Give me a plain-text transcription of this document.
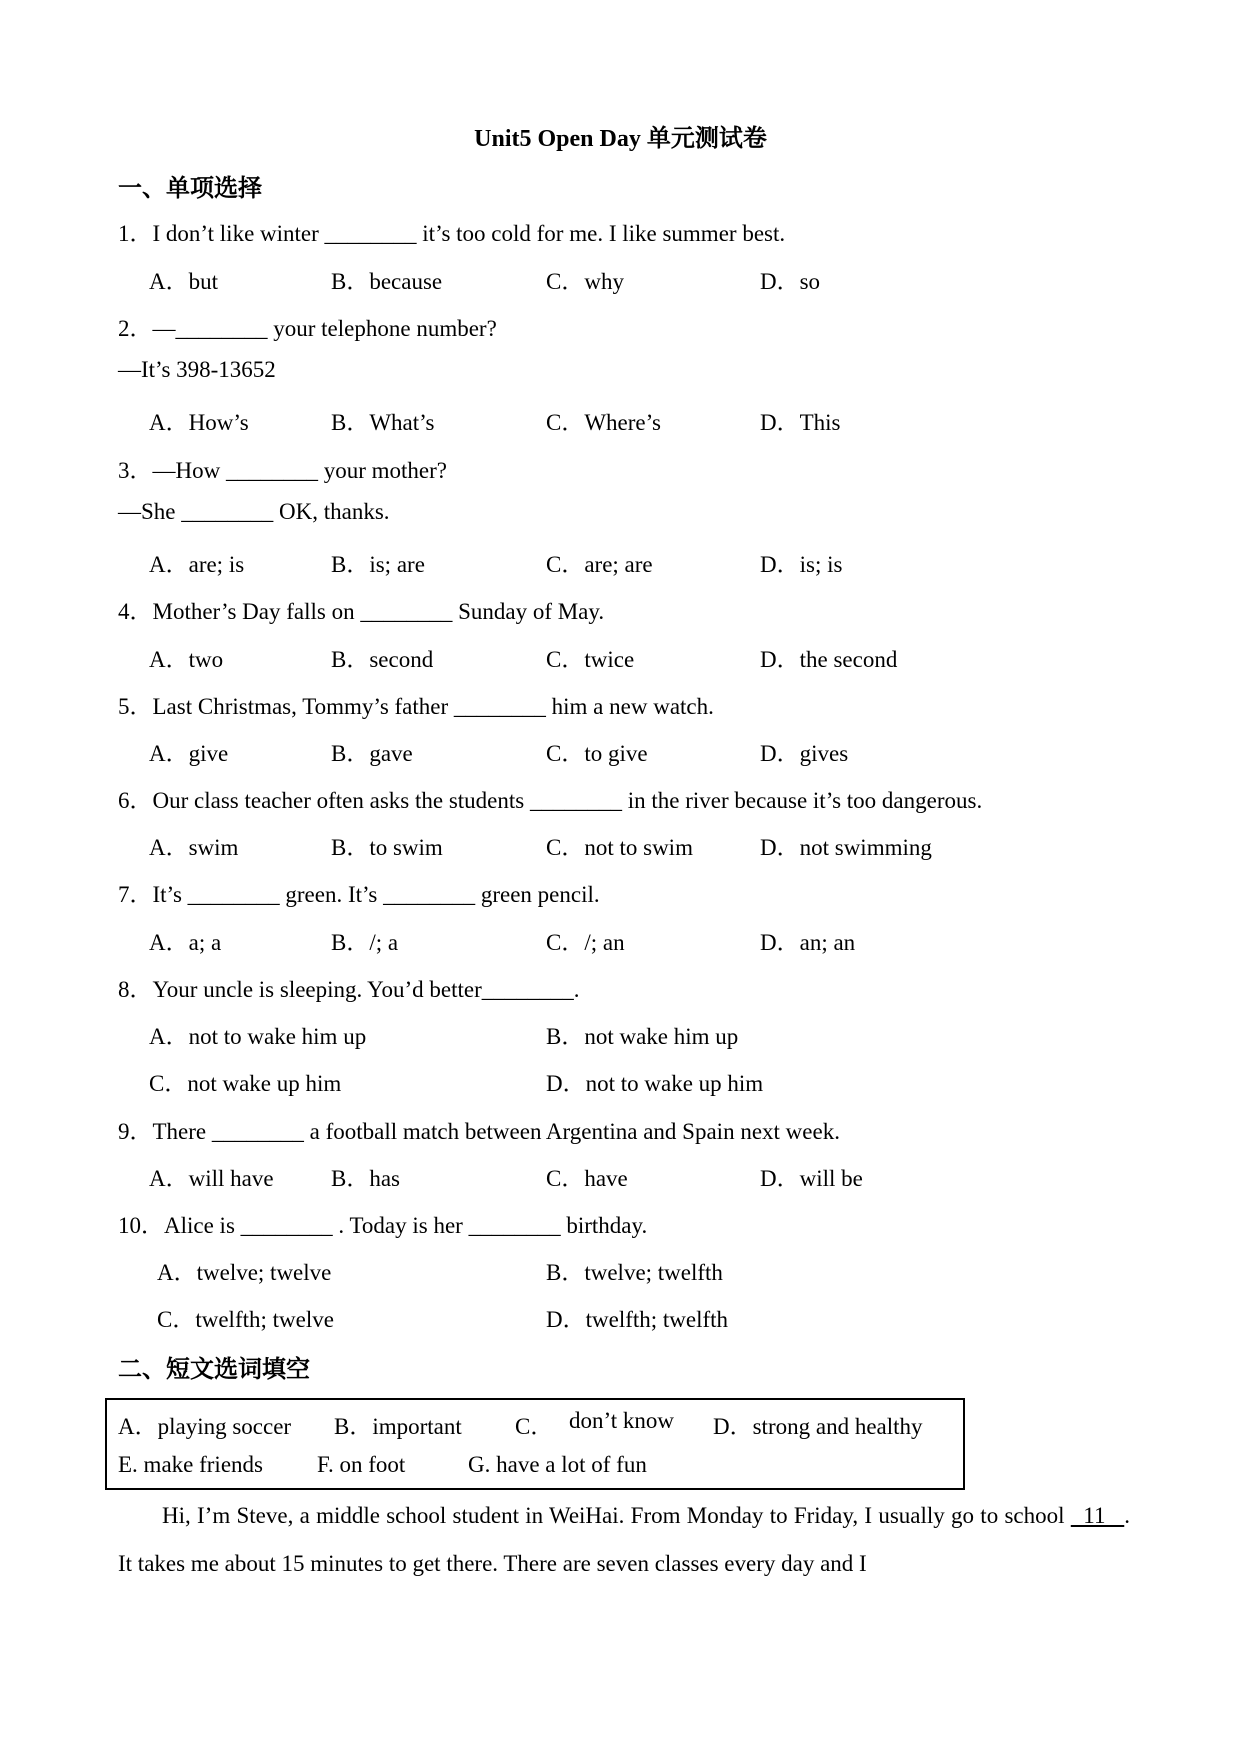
Unit5 Open Day 单元测试卷
一、单项选择
1．I don’t like winter ________ it’s too cold for me. I like summer best.
A．but	B．because	C．why	D．so
2．—________ your telephone number?
—It’s 398-13652
A．How’s	B．What’s	C．Where’s	D．This
3．—How ________ your mother?
—She ________ OK, thanks.
A．are; is	B．is; are	C．are; are	D．is; is
4．Mother’s Day falls on ________ Sunday of May.
A．two	B．second	C．twice	D．the second
5．Last Christmas, Tommy’s father ________ him a new watch.
A．give	B．gave	C．to give	D．gives
6．Our class teacher often asks the students ________ in the river because it’s too dangerous.
A．swim	B．to swim	C．not to swim	D．not swimming
7．It’s ________ green. It’s ________ green pencil.
A．a; a	B．/; a	C．/; an	D．an; an
8．Your uncle is sleeping. You’d better________.
A．not to wake him up	B．not wake him up
C．not wake up him	D．not to wake up him
9．There ________ a football match between Argentina and Spain next week.
A．will have B．has	C．have	D．will be
10．Alice is ________ . Today is her ________ birthday.
A．twelve; twelve	B．twelve; twelfth
C．twelfth; twelve	D．twelfth; twelfth
二、短文选词填空
A．playing soccer B．important C． don’t know D．strong and healthy
E. make friends F. on foot	G. have a lot of fun
Hi, I’m Steve, a middle school student in WeiHai. From Monday to Friday, I usually go to school   11   . It takes me about 15 minutes to get there. There are seven classes every day and I
